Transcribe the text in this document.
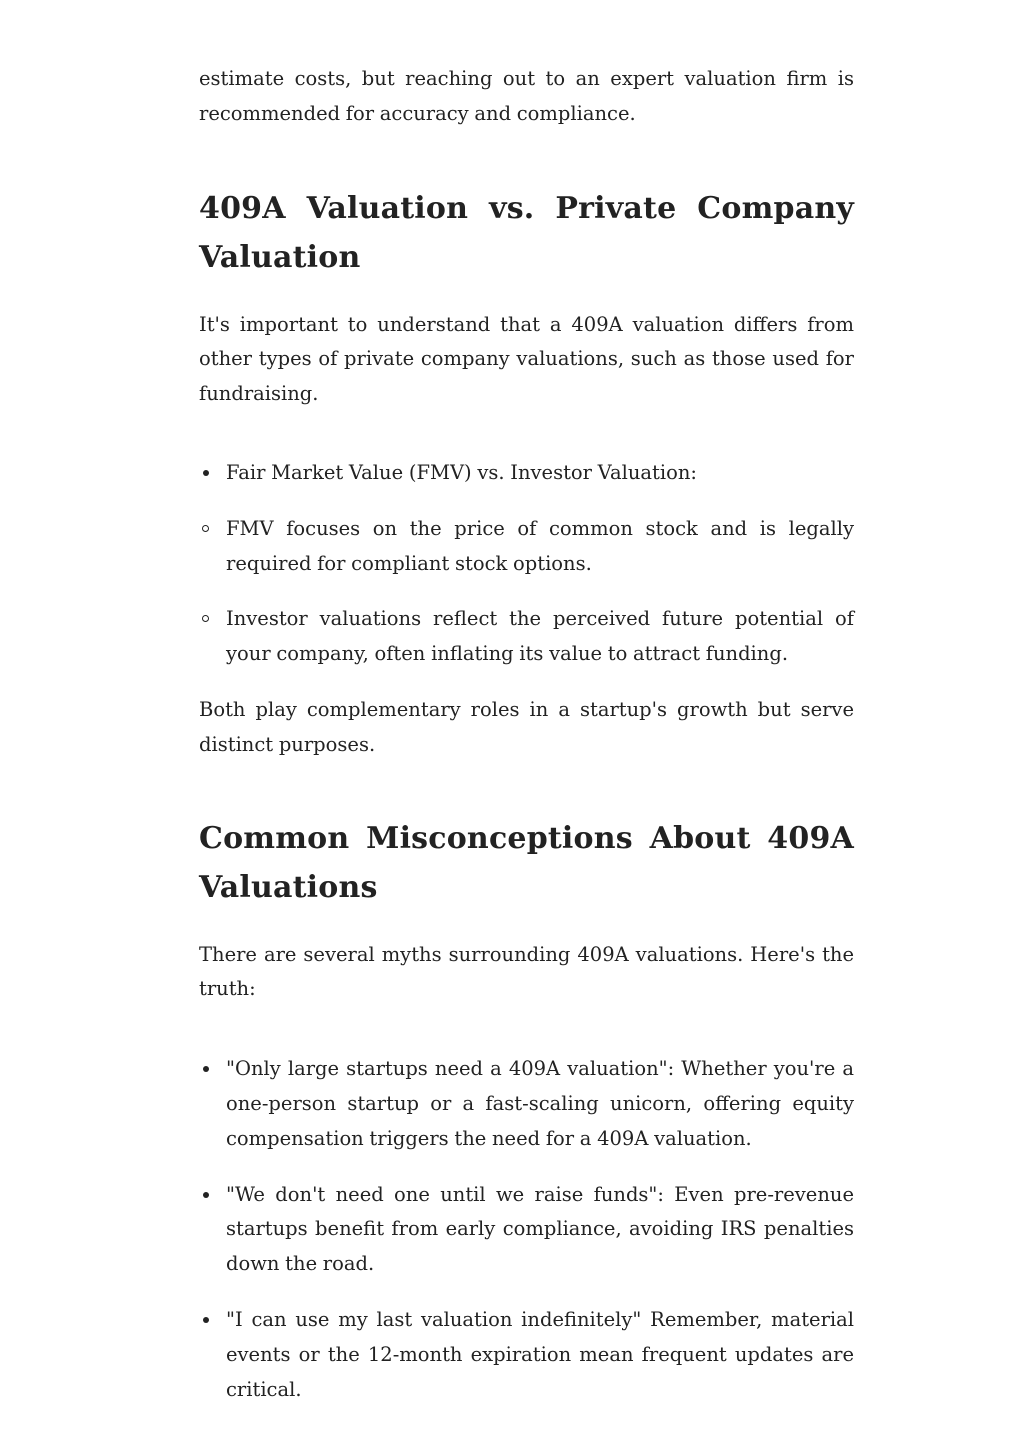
estimate costs, but reaching out to an expert valuation firm is recommended for accuracy and compliance.

409A Valuation vs. Private Company Valuation

It's important to understand that a 409A valuation differs from other types of private company valuations, such as those used for fundraising.

Fair Market Value (FMV) vs. Investor Valuation:
FMV focuses on the price of common stock and is legally required for compliant stock options.
Investor valuations reflect the perceived future potential of your company, often inflating its value to attract funding.

Both play complementary roles in a startup's growth but serve distinct purposes.

Common Misconceptions About 409A Valuations

There are several myths surrounding 409A valuations. Here's the truth:

"Only large startups need a 409A valuation": Whether you're a one-person startup or a fast-scaling unicorn, offering equity compensation triggers the need for a 409A valuation.
"We don't need one until we raise funds": Even pre-revenue startups benefit from early compliance, avoiding IRS penalties down the road.
"I can use my last valuation indefinitely" Remember, material events or the 12-month expiration mean frequent updates are critical.
